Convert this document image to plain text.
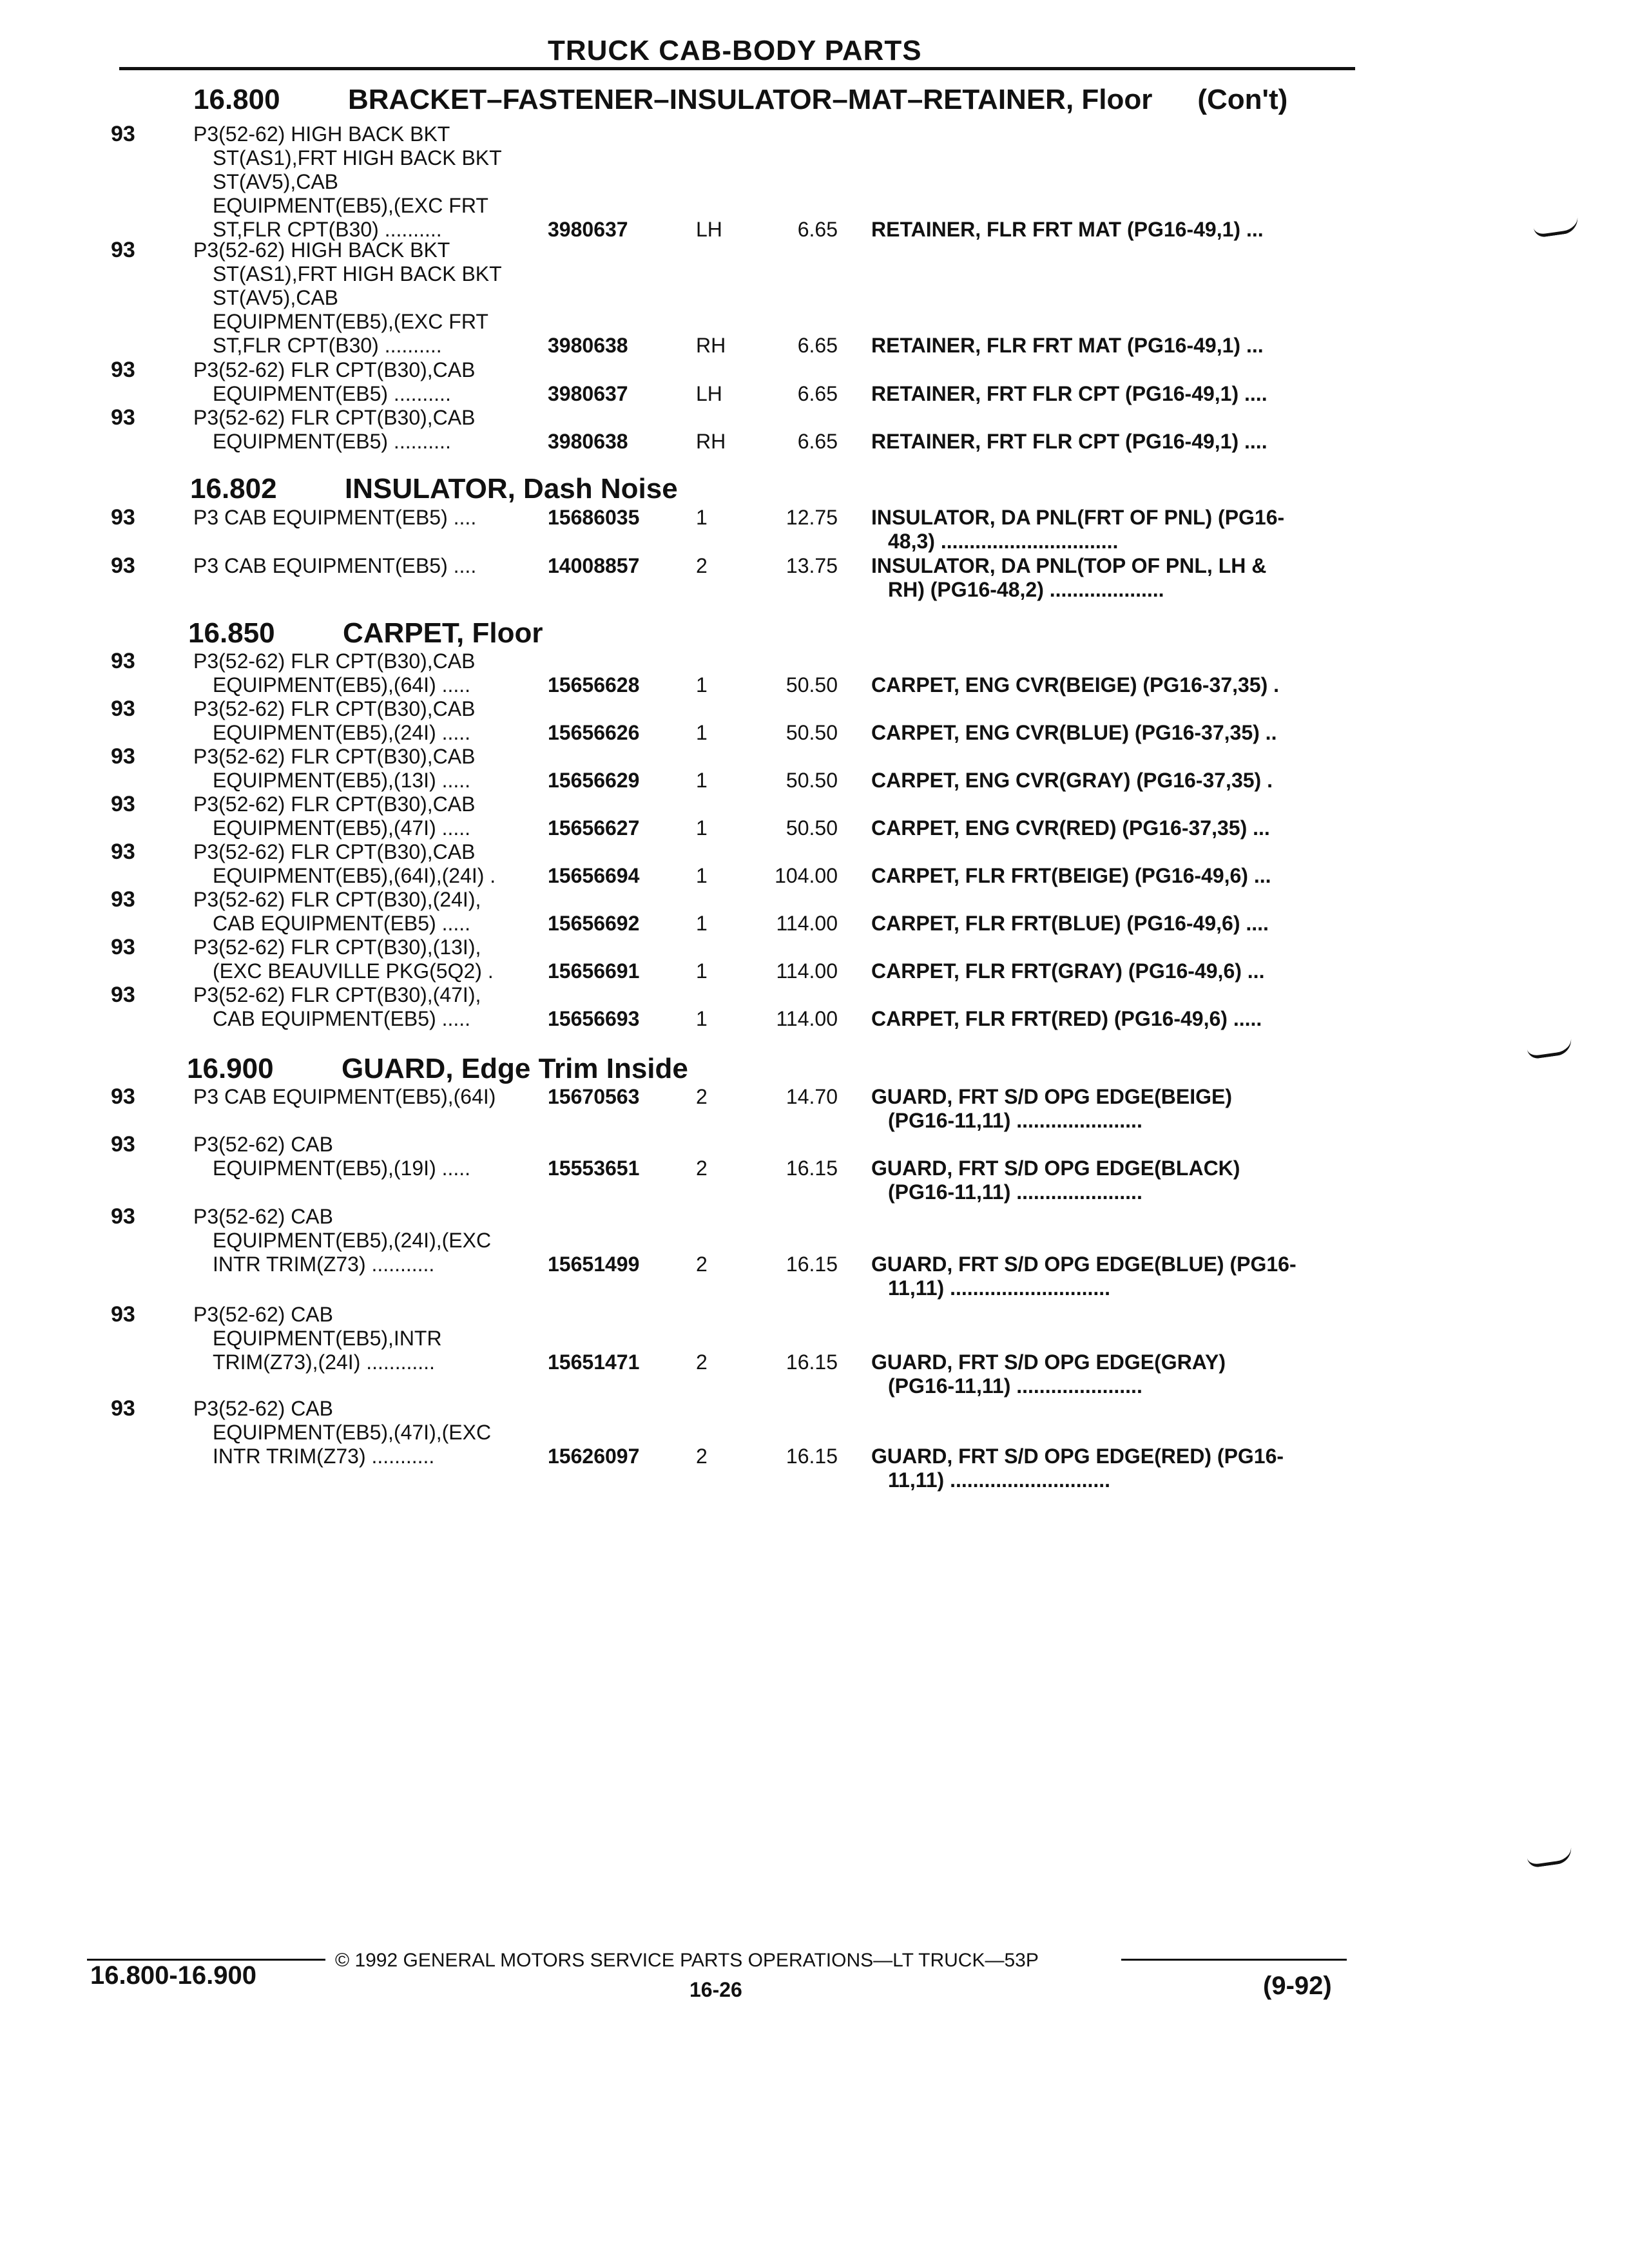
TRUCK CAB-BODY PARTS
16.800 BRACKET–FASTENER–INSULATOR–MAT–RETAINER, Floor (Con't)
16.802 INSULATOR, Dash Noise
16.850 CARPET, Floor
16.900 GUARD, Edge Trim Inside
93	P3(52-62) HIGH BACK BKT
ST(AS1),FRT HIGH BACK BKT
ST(AV5),CAB
EQUIPMENT(EB5),(EXC FRT
ST,FLR CPT(B30) ..........	3980637	LH	6.65 RETAINER, FLR FRT MAT (PG16-49,1) ...
93	P3(52-62) HIGH BACK BKT
ST(AS1),FRT HIGH BACK BKT
ST(AV5),CAB
EQUIPMENT(EB5),(EXC FRT
ST,FLR CPT(B30) ..........	3980638	RH	6.65 RETAINER, FLR FRT MAT (PG16-49,1) ...
93	P3(52-62) FLR CPT(B30),CAB
EQUIPMENT(EB5) ..........	3980637	LH	6.65 RETAINER, FRT FLR CPT (PG16-49,1) ....
93	P3(52-62) FLR CPT(B30),CAB
EQUIPMENT(EB5) ..........	3980638	RH	6.65 RETAINER, FRT FLR CPT (PG16-49,1) ....
93	P3 CAB EQUIPMENT(EB5) ....	15686035	1	12.75 INSULATOR, DA PNL(FRT OF PNL) (PG16-
48,3) ...............................
93	P3 CAB EQUIPMENT(EB5) ....	14008857	2	13.75 INSULATOR, DA PNL(TOP OF PNL, LH &
RH) (PG16-48,2) ....................
93	P3(52-62) FLR CPT(B30),CAB
EQUIPMENT(EB5),(64I) .....	15656628	1	50.50 CARPET, ENG CVR(BEIGE) (PG16-37,35) .
93	P3(52-62) FLR CPT(B30),CAB
EQUIPMENT(EB5),(24I) .....	15656626	1	50.50 CARPET, ENG CVR(BLUE) (PG16-37,35) ..
93	P3(52-62) FLR CPT(B30),CAB
EQUIPMENT(EB5),(13I) .....	15656629	1	50.50 CARPET, ENG CVR(GRAY) (PG16-37,35) .
93	P3(52-62) FLR CPT(B30),CAB
EQUIPMENT(EB5),(47I) .....	15656627	1	50.50 CARPET, ENG CVR(RED) (PG16-37,35) ...
93	P3(52-62) FLR CPT(B30),CAB
EQUIPMENT(EB5),(64I),(24I) .	15656694	1	104.00 CARPET, FLR FRT(BEIGE) (PG16-49,6) ...
93	P3(52-62) FLR CPT(B30),(24I),
CAB EQUIPMENT(EB5) .....	15656692	1	114.00 CARPET, FLR FRT(BLUE) (PG16-49,6) ....
93	P3(52-62) FLR CPT(B30),(13I),
(EXC BEAUVILLE PKG(5Q2) .	15656691	1	114.00 CARPET, FLR FRT(GRAY) (PG16-49,6) ...
93	P3(52-62) FLR CPT(B30),(47I),
CAB EQUIPMENT(EB5) .....	15656693	1	114.00 CARPET, FLR FRT(RED) (PG16-49,6) .....
93	P3 CAB EQUIPMENT(EB5),(64I)	15670563	2	14.70 GUARD, FRT S/D OPG EDGE(BEIGE)
(PG16-11,11) ......................
93	P3(52-62) CAB
EQUIPMENT(EB5),(19I) .....	15553651	2	16.15 GUARD, FRT S/D OPG EDGE(BLACK)
(PG16-11,11) ......................
93	P3(52-62) CAB
EQUIPMENT(EB5),(24I),(EXC
INTR TRIM(Z73) ...........	15651499	2	16.15 GUARD, FRT S/D OPG EDGE(BLUE) (PG16-
11,11) ............................
93	P3(52-62) CAB
EQUIPMENT(EB5),INTR
TRIM(Z73),(24I) ............	15651471	2	16.15 GUARD, FRT S/D OPG EDGE(GRAY)
(PG16-11,11) ......................
93	P3(52-62) CAB
EQUIPMENT(EB5),(47I),(EXC
INTR TRIM(Z73) ...........	15626097	2	16.15 GUARD, FRT S/D OPG EDGE(RED) (PG16-
11,11) ............................
© 1992 GENERAL MOTORS SERVICE PARTS OPERATIONS—LT TRUCK—53P
16.800-16.900	16-26	(9-92)
